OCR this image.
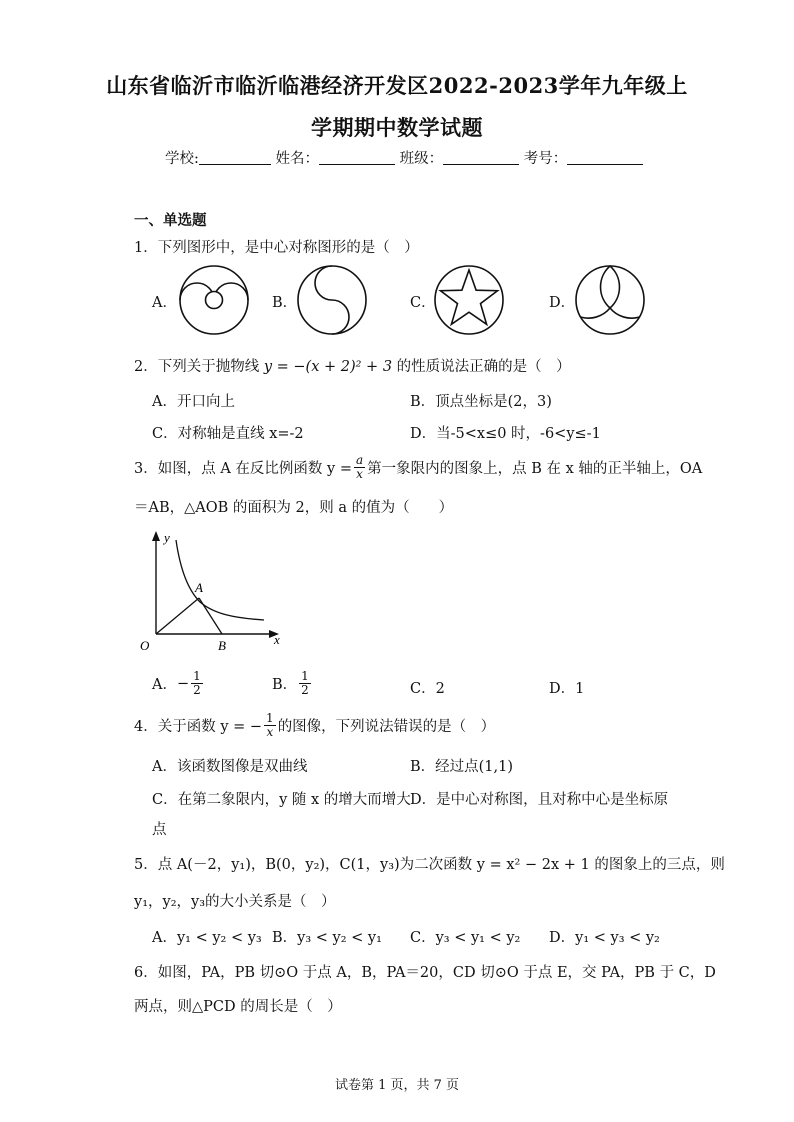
山东省临沂市临沂临港经济开发区2022-2023学年九年级上
学期期中数学试题
学校:	姓名：	班级：	考号：
一、单选题
1．下列图形中，是中心对称图形的是（　）
A．	B．	C．	D．
2．下列关于抛物线 y = −(x + 2)² + 3 的性质说法正确的是（　）
A．开口向上	B．顶点坐标是(2，3)
C．对称轴是直线 x=-2	D．当-5<x≤0 时，-6<y≤-1
3．如图，点 A 在反比例函数 $y = \frac{a}{x}$ 第一象限内的图象上，点 B 在 x 轴的正半轴上，OA
＝AB，△AOB 的面积为 2，则 a 的值为（　　）
y
x
O
A
B
A． − $\frac{1}{2}$	B． $\frac{1}{2}$	C．2	D．1
4．关于函数 y = − $\frac{1}{x}$ 的图像，下列说法错误的是（　）
A．该函数图像是双曲线	B．经过点(1,1)
C．在第二象限内，y 随 x 的增大而增大 D．是中心对称图，且对称中心是坐标原
点
5．点 A(－2，y₁)，B(0，y₂)，C(1，y₃)为二次函数 y = x² − 2x + 1 的图象上的三点，则
y₁，y₂，y₃的大小关系是（　）
A．y₁ < y₂ < y₃ B．y₃ < y₂ < y₁ C．y₃ < y₁ < y₂ D．y₁ < y₃ < y₂
6．如图，PA，PB 切⊙O 于点 A，B，PA＝20，CD 切⊙O 于点 E，交 PA，PB 于 C，D
两点，则△PCD 的周长是（　）
试卷第 1 页，共 7 页
